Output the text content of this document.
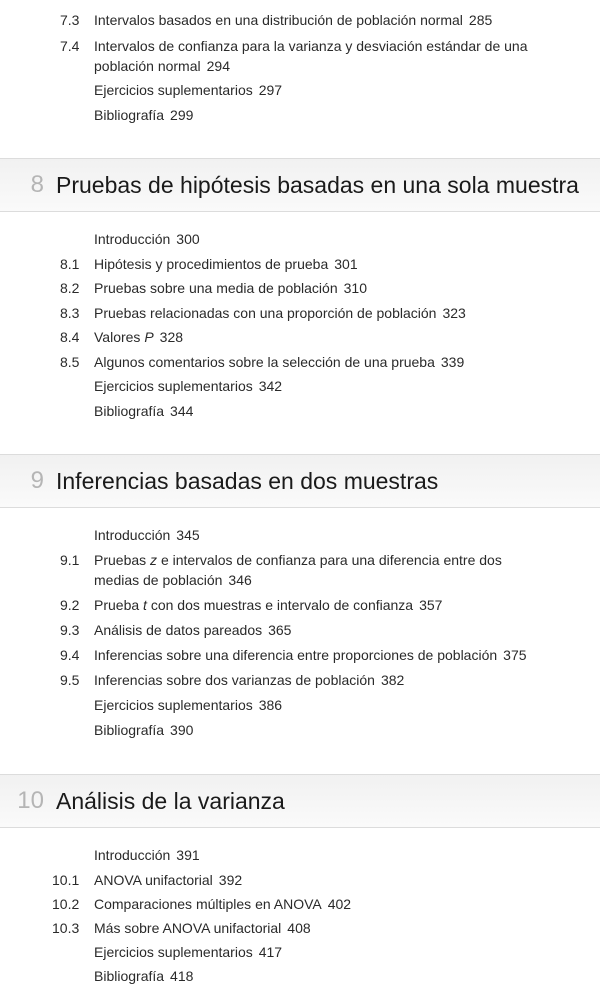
7.3 Intervalos basados en una distribución de población normal 285
7.4 Intervalos de confianza para la varianza y desviación estándar de una
población normal 294
Ejercicios suplementarios 297
Bibliografía 299
8 Pruebas de hipótesis basadas en una sola muestra
Introducción 300
8.1 Hipótesis y procedimientos de prueba 301
8.2 Pruebas sobre una media de población 310
8.3 Pruebas relacionadas con una proporción de población 323
8.4 Valores P 328
8.5 Algunos comentarios sobre la selección de una prueba 339
Ejercicios suplementarios 342
Bibliografía 344
9 Inferencias basadas en dos muestras
Introducción 345
9.1 Pruebas z e intervalos de confianza para una diferencia entre dos
medias de población 346
9.2 Prueba t con dos muestras e intervalo de confianza 357
9.3 Análisis de datos pareados 365
9.4 Inferencias sobre una diferencia entre proporciones de población 375
9.5 Inferencias sobre dos varianzas de población 382
Ejercicios suplementarios 386
Bibliografía 390
10 Análisis de la varianza
Introducción 391
10.1 ANOVA unifactorial 392
10.2 Comparaciones múltiples en ANOVA 402
10.3 Más sobre ANOVA unifactorial 408
Ejercicios suplementarios 417
Bibliografía 418
